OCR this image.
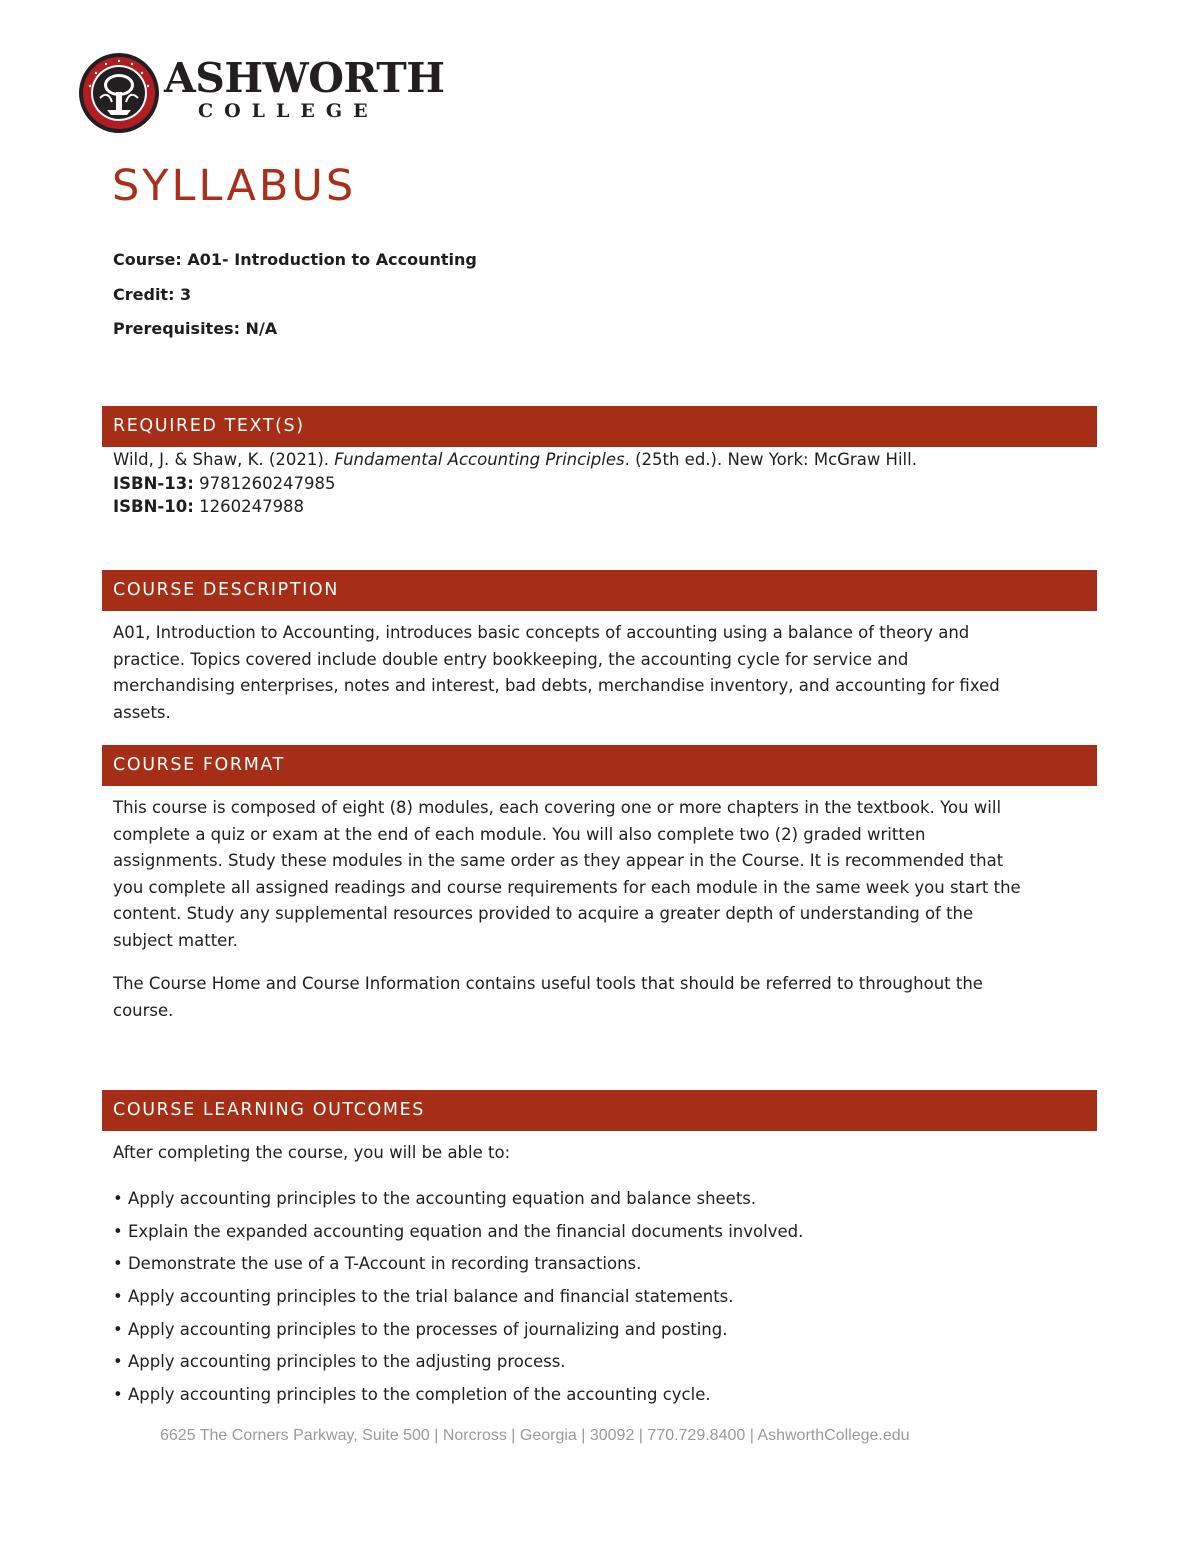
ASHWORTH
COLLEGE
SYLLABUS
Course: A01- Introduction to Accounting
Credit: 3
Prerequisites: N/A
REQUIRED TEXT(S)
Wild, J. & Shaw, K. (2021). Fundamental Accounting Principles. (25th ed.). New York: McGraw Hill.
ISBN-13: 9781260247985
ISBN-10: 1260247988
COURSE DESCRIPTION
A01, Introduction to Accounting, introduces basic concepts of accounting using a balance of theory and
practice. Topics covered include double entry bookkeeping, the accounting cycle for service and
merchandising enterprises, notes and interest, bad debts, merchandise inventory, and accounting for fixed
assets.
COURSE FORMAT
This course is composed of eight (8) modules, each covering one or more chapters in the textbook. You will
complete a quiz or exam at the end of each module. You will also complete two (2) graded written
assignments. Study these modules in the same order as they appear in the Course. It is recommended that
you complete all assigned readings and course requirements for each module in the same week you start the
content. Study any supplemental resources provided to acquire a greater depth of understanding of the
subject matter.
The Course Home and Course Information contains useful tools that should be referred to throughout the
course.
COURSE LEARNING OUTCOMES
After completing the course, you will be able to:
• Apply accounting principles to the accounting equation and balance sheets.
• Explain the expanded accounting equation and the financial documents involved.
• Demonstrate the use of a T-Account in recording transactions.
• Apply accounting principles to the trial balance and financial statements.
• Apply accounting principles to the processes of journalizing and posting.
• Apply accounting principles to the adjusting process.
• Apply accounting principles to the completion of the accounting cycle.
6625 The Corners Parkway, Suite 500 | Norcross | Georgia | 30092 | 770.729.8400 | AshworthCollege.edu
